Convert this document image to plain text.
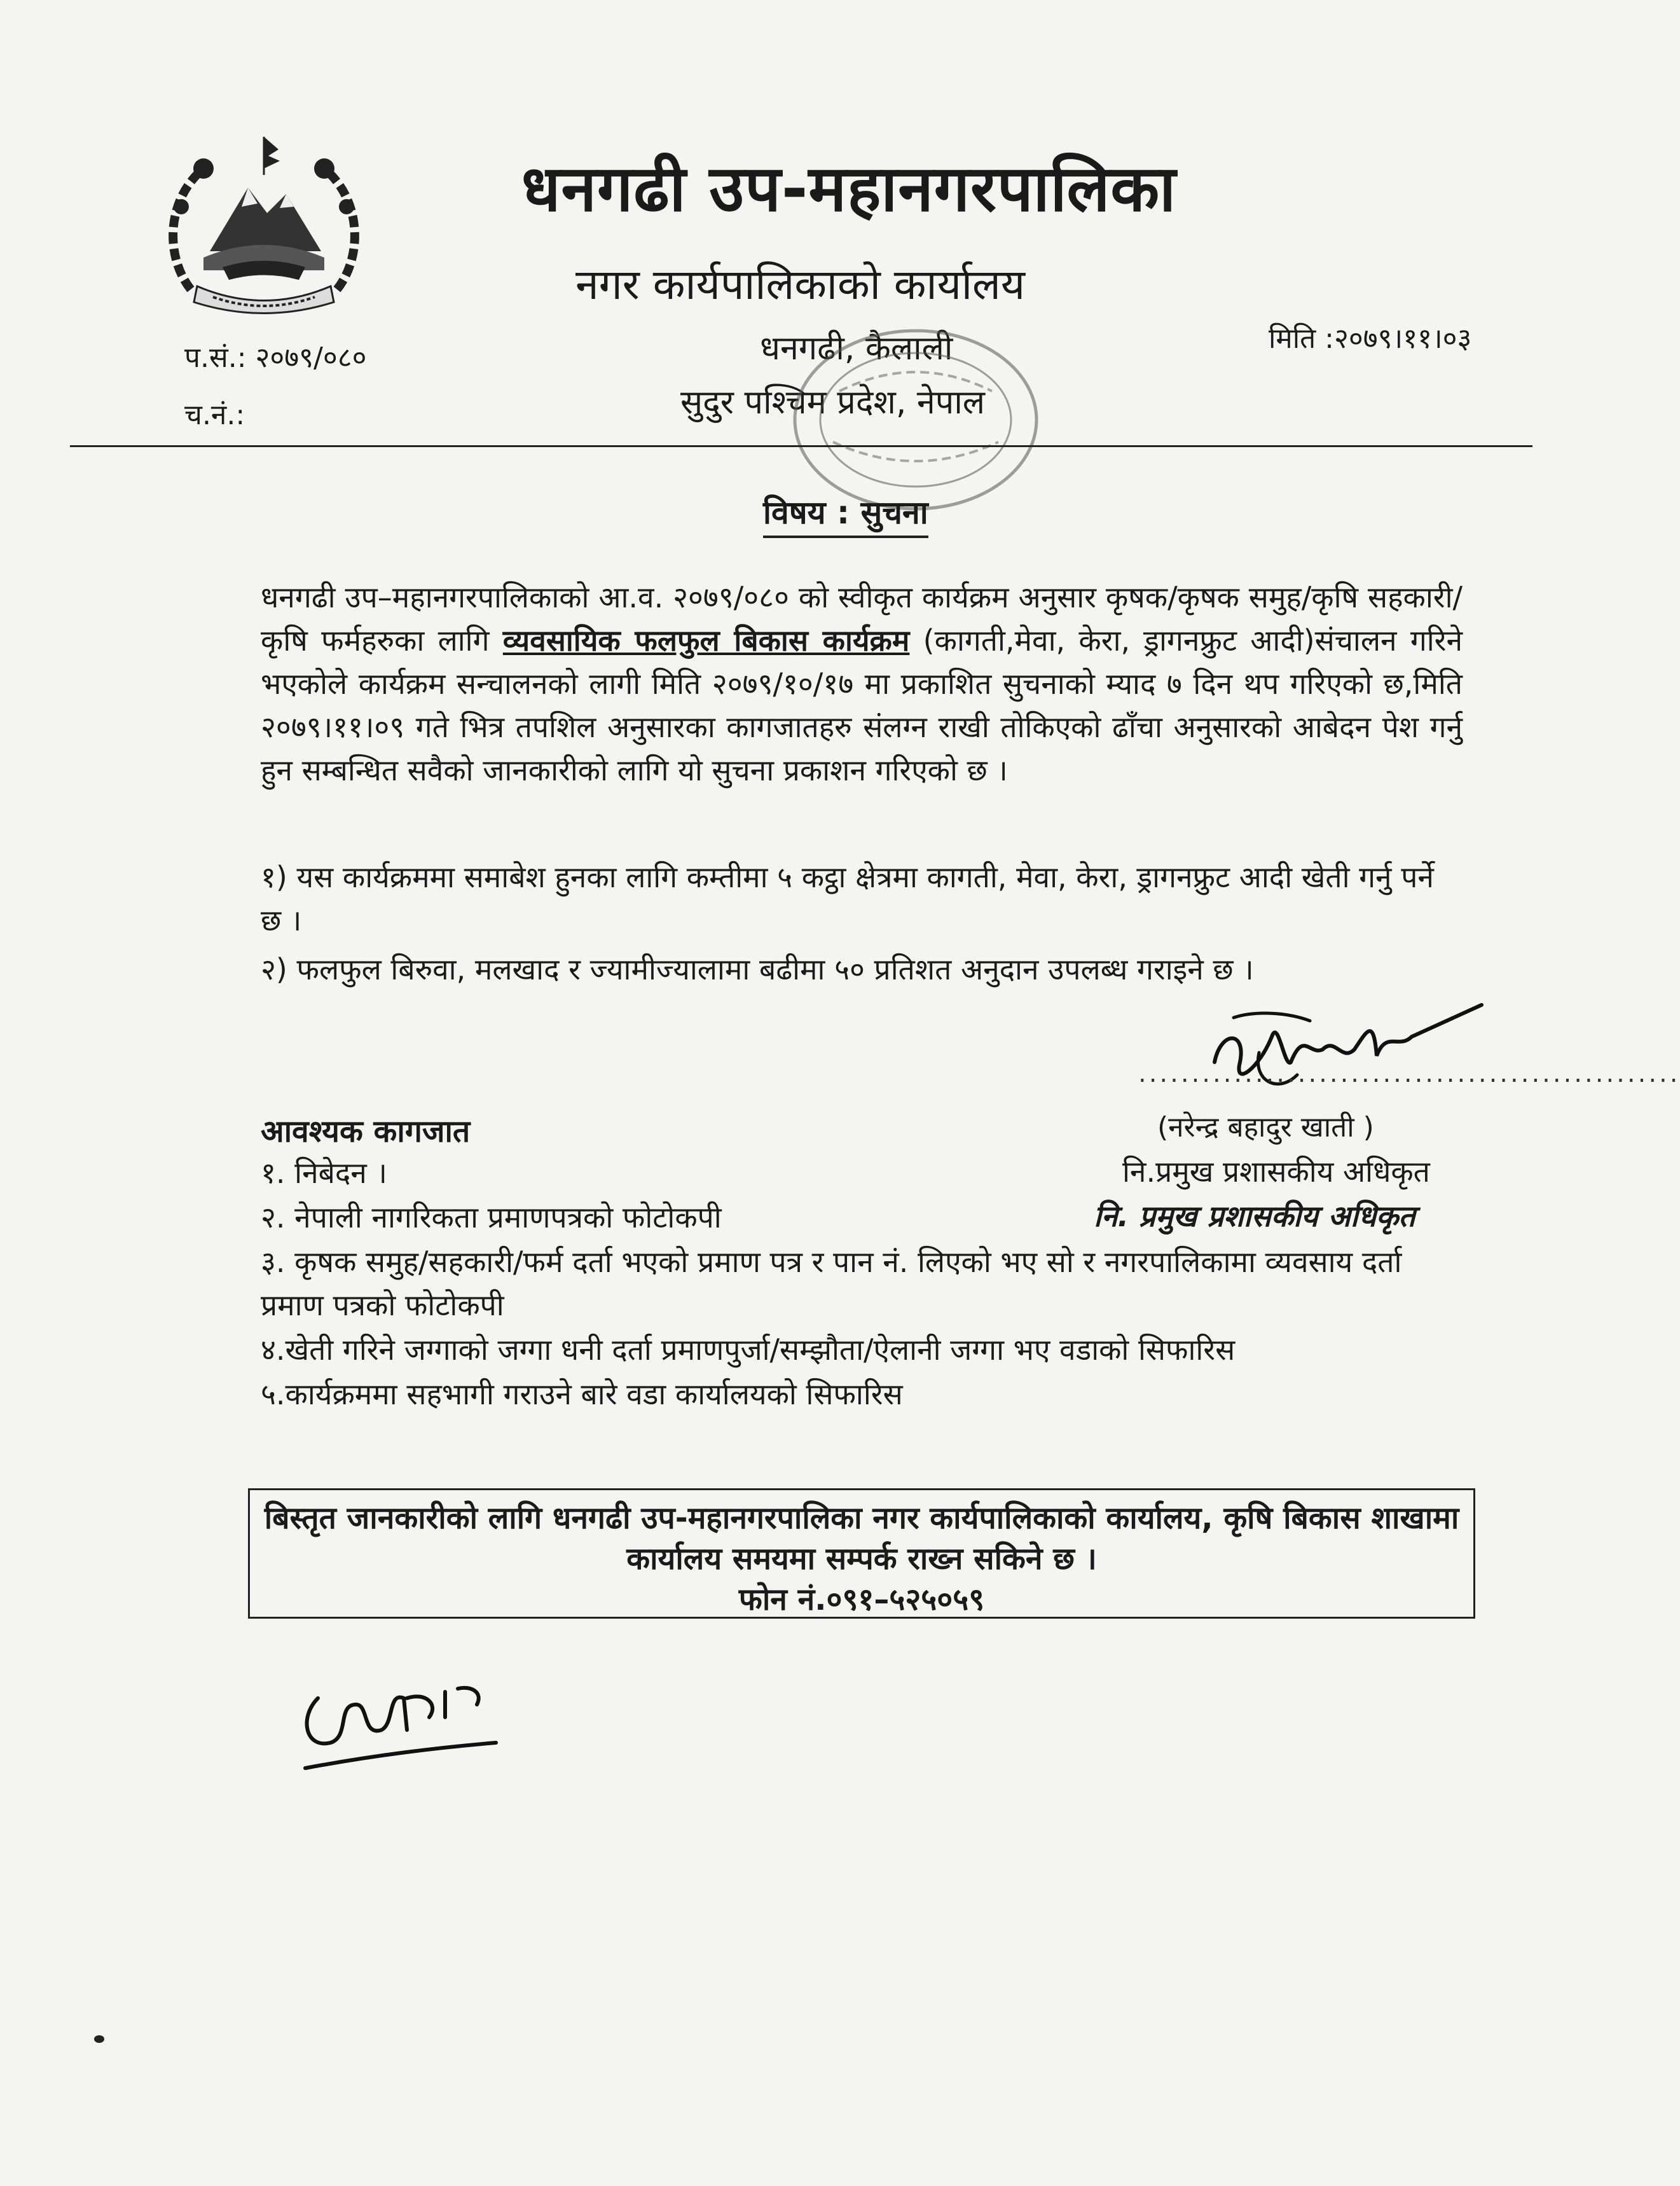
धनगढी उप-महानगरपालिका
नगर कार्यपालिकाको कार्यालय
धनगढी, कैलाली
सुदुर पश्चिम प्रदेश, नेपाल
प.सं.: २०७९/०८०
च.नं.:
मिति :२०७९।११।०३
विषय : सुचना
धनगढी उप–महानगरपालिकाको आ.व. २०७९/०८० को स्वीकृत कार्यक्रम अनुसार कृषक/कृषक समुह/कृषि सहकारी/कृषि फर्महरुका लागि व्यवसायिक फलफुल बिकास कार्यक्रम (कागती,मेवा, केरा, ड्रागनफ्रुट आदी)संचालन गरिने भएकोले कार्यक्रम सन्चालनको लागी मिति २०७९/१०/१७ मा प्रकाशित सुचनाको म्याद ७ दिन थप गरिएको छ,मिति २०७९।११।०९ गते भित्र तपशिल अनुसारका कागजातहरु संलग्न राखी तोकिएको ढाँचा अनुसारको आबेदन पेश गर्नु हुन सम्बन्धित सवैको जानकारीको लागि यो सुचना प्रकाशन गरिएको छ ।
१) यस कार्यक्रममा समाबेश हुनका लागि कम्तीमा ५ कट्ठा क्षेत्रमा कागती, मेवा, केरा, ड्रागनफ्रुट आदी खेती गर्नु पर्ने छ ।
२) फलफुल बिरुवा, मलखाद र ज्यामीज्यालामा बढीमा ५० प्रतिशत अनुदान उपलब्ध गराइने छ ।
...................................................
(नरेन्द्र बहादुर खाती )
नि.प्रमुख प्रशासकीय अधिकृत
नि. प्रमुख प्रशासकीय अधिकृत
आवश्यक कागजात
१. निबेदन ।
२. नेपाली नागरिकता प्रमाणपत्रको फोटोकपी
३. कृषक समुह/सहकारी/फर्म दर्ता भएको प्रमाण पत्र र पान नं. लिएको भए सो र नगरपालिकामा व्यवसाय दर्ता प्रमाण पत्रको फोटोकपी
४.खेती गरिने जग्गाको जग्गा धनी दर्ता प्रमाणपुर्जा/सम्झौता/ऐलानी जग्गा भए वडाको सिफारिस
५.कार्यक्रममा सहभागी गराउने बारे वडा कार्यालयको सिफारिस
बिस्तृत जानकारीको लागि धनगढी उप-महानगरपालिका नगर कार्यपालिकाको कार्यालय, कृषि बिकास शाखामा कार्यालय समयमा सम्पर्क राख्न सकिने छ ।
फोन नं.०९१–५२५०५९
